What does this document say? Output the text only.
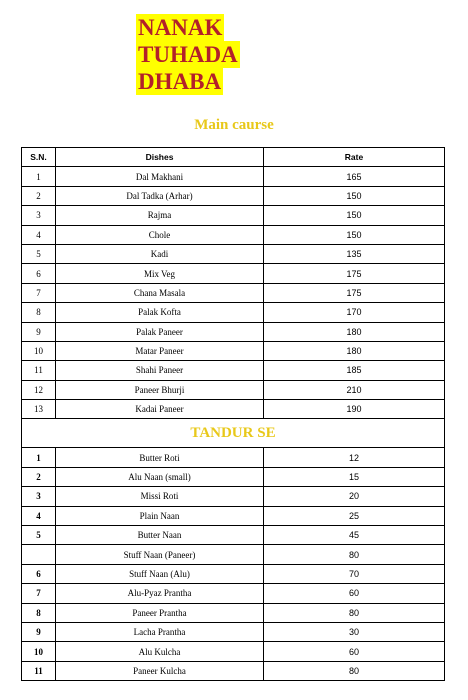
NANAK
TUHADA
DHABA
Main caurse
S.N.	Dishes	Rate
1	Dal Makhani	165
2	Dal Tadka (Arhar)	150
3	Rajma	150
4	Chole	150
5	Kadi	135
6	Mix Veg	175
7	Chana Masala	175
8	Palak Kofta	170
9	Palak Paneer	180
10	Matar Paneer	180
11	Shahi Paneer	185
12	Paneer Bhurji	210
13	Kadai Paneer	190
TANDUR SE		
1	Butter Roti	12
2	Alu Naan (small)	15
3	Missi Roti	20
4	Plain Naan	25
5	Butter Naan	45
	Stuff Naan (Paneer)	80
6	Stuff Naan (Alu)	70
7	Alu-Pyaz Prantha	60
8	Paneer Prantha	80
9	Lacha Prantha	30
10	Alu Kulcha	60
11	Paneer Kulcha	80
